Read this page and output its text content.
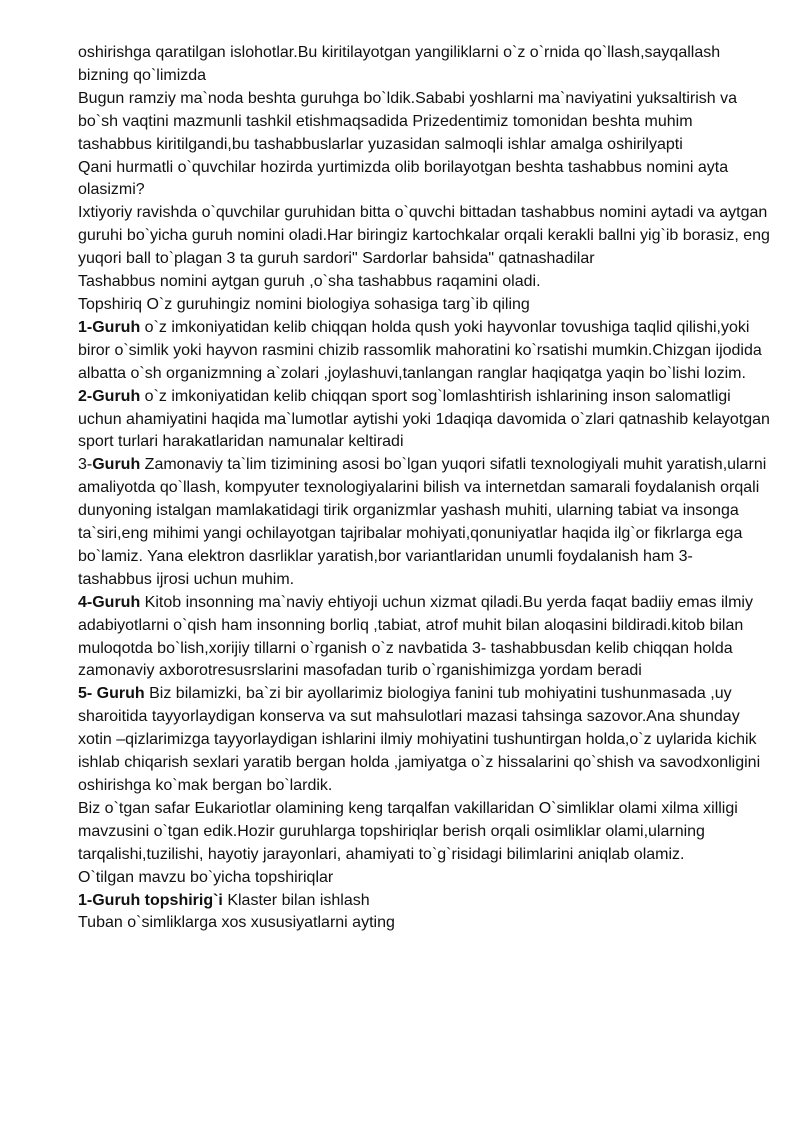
oshirishga qaratilgan islohotlar.Bu kiritilayotgan yangiliklarni o`z o`rnida qo`llash,sayqallash bizning qo`limizda

Bugun ramziy ma`noda beshta guruhga bo`ldik.Sababi yoshlarni ma`naviyatini yuksaltirish va bo`sh vaqtini mazmunli tashkil etishmaqsadida Prizedentimiz tomonidan beshta muhim tashabbus kiritilgandi,bu tashabbuslarlar yuzasidan salmoqli ishlar amalga oshirilyapti

Qani hurmatli o`quvchilar hozirda yurtimizda olib borilayotgan beshta tashabbus nomini ayta olasizmi?

Ixtiyoriy ravishda o`quvchilar guruhidan bitta o`quvchi bittadan tashabbus nomini aytadi va aytgan guruhi bo`yicha guruh nomini oladi.Har biringiz kartochkalar orqali kerakli ballni yig`ib borasiz, eng yuqori ball to`plagan 3 ta guruh sardori" Sardorlar bahsida" qatnashadilar

Tashabbus nomini aytgan guruh ,o`sha tashabbus raqamini oladi.

Topshiriq O`z guruhingiz nomini biologiya sohasiga targ`ib qiling

1-Guruh o`z imkoniyatidan kelib chiqqan holda qush yoki hayvonlar tovushiga taqlid qilishi,yoki biror o`simlik yoki hayvon rasmini chizib rassomlik mahoratini ko`rsatishi mumkin.Chizgan ijodida albatta o`sh organizmning a`zolari ,joylashuvi,tanlangan ranglar haqiqatga yaqin bo`lishi lozim.

2-Guruh o`z imkoniyatidan kelib chiqqan sport sog`lomlashtirish ishlarining inson salomatligi uchun ahamiyatini haqida ma`lumotlar aytishi yoki 1daqiqa davomida o`zlari qatnashib kelayotgan sport turlari harakatlaridan namunalar keltiradi

3-Guruh Zamonaviy ta`lim tizimining asosi bo`lgan yuqori sifatli texnologiyali muhit yaratish,ularni amaliyotda qo`llash, kompyuter texnologiyalarini bilish va internetdan samarali foydalanish orqali dunyoning istalgan mamlakatidagi tirik organizmlar yashash muhiti, ularning tabiat va insonga ta`siri,eng mihimi yangi ochilayotgan tajribalar mohiyati,qonuniyatlar haqida ilg`or fikrlarga ega bo`lamiz. Yana elektron dasrliklar yaratish,bor variantlaridan unumli foydalanish ham 3- tashabbus ijrosi uchun muhim.

4-Guruh Kitob insonning ma`naviy ehtiyoji uchun xizmat qiladi.Bu yerda faqat badiiy emas ilmiy adabiyotlarni o`qish ham insonning borliq ,tabiat, atrof muhit bilan aloqasini bildiradi.kitob bilan muloqotda bo`lish,xorijiy tillarni o`rganish o`z navbatida 3- tashabbusdan kelib chiqqan holda zamonaviy axborotresusrslarini masofadan turib o`rganishimizga yordam beradi

5- Guruh Biz bilamizki, ba`zi bir ayollarimiz biologiya fanini tub mohiyatini tushunmasada ,uy sharoitida tayyorlaydigan konserva va sut mahsulotlari mazasi tahsinga sazovor.Ana shunday xotin –qizlarimizga tayyorlaydigan ishlarini ilmiy mohiyatini tushuntirgan holda,o`z uylarida kichik ishlab chiqarish sexlari yaratib bergan holda ,jamiyatga o`z hissalarini qo`shish va savodxonligini oshirishga ko`mak bergan bo`lardik.

Biz o`tgan safar Eukariotlar olamining keng tarqalfan vakillaridan O`simliklar olami xilma xilligi mavzusini o`tgan edik.Hozir guruhlarga topshiriqlar berish orqali osimliklar olami,ularning tarqalishi,tuzilishi, hayotiy jarayonlari, ahamiyati to`g`risidagi bilimlarini aniqlab olamiz.

O`tilgan mavzu bo`yicha topshiriqlar

1-Guruh topshirig`i Klaster bilan ishlash

Tuban o`simliklarga xos xususiyatlarni ayting
